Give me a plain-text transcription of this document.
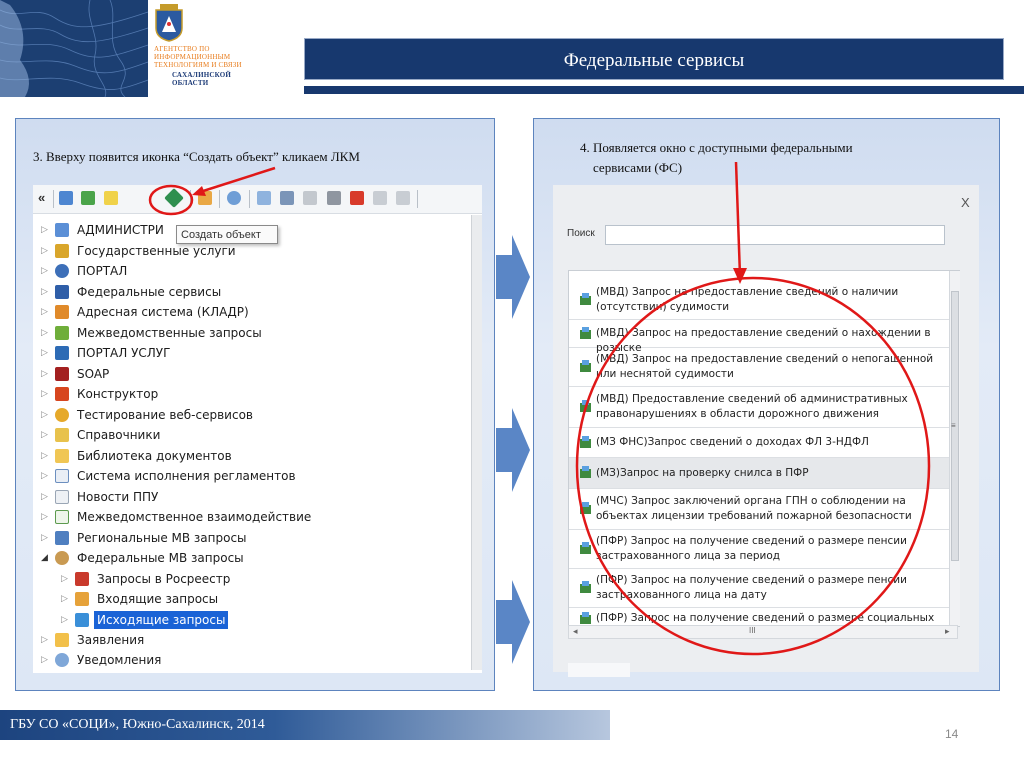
АГЕНТСТВО ПО
ИНФОРМАЦИОННЫМ
ТЕХНОЛОГИЯМ И СВЯЗИ
САХАЛИНСКОЙ
ОБЛАСТИ
Федеральные сервисы
3. Вверху появится иконка “Создать объект” кликаем ЛКМ
«
▷ АДМИНИСТРИ
▷ Государственные услуги
▷ ПОРТАЛ
▷ Федеральные сервисы
▷ Адресная система (КЛАДР)
▷ Межведомственные запросы
▷ ПОРТАЛ УСЛУГ
▷ SOAP
▷ Конструктор
▷ Тестирование веб-сервисов
▷ Справочники
▷ Библиотека документов
▷ Система исполнения регламентов
▷ Новости ППУ
▷ Межведомственное взаимодействие
▷ Региональные МВ запросы
◢ Федеральные МВ запросы
▷ Запросы в Росреестр
▷ Входящие запросы
▷ Исходящие запросы
▷ Заявления
▷ Уведомления
Создать объект
4. Появляется окно с доступными федеральными
сервисами (ФС)
X
Поиск
(МВД) Запрос на предоставление сведений о наличии (отсутствии) судимости
(МВД) Запрос на предоставление сведений о нахождении в розыске
(МВД) Запрос на предоставление сведений о непогашенной или неснятой судимости
(МВД) Предоставление сведений об административных правонарушениях в области дорожного движения
(МЗ ФНС)Запрос сведений о доходах ФЛ 3-НДФЛ
(МЗ)Запрос на проверку снилса в ПФР
(МЧС) Запрос заключений органа ГПН о соблюдении на объектах лицензии требований пожарной безопасности
(ПФР) Запрос на получение сведений о размере пенсии застрахованного лица за период
(ПФР) Запрос на получение сведений о размере пенсии застрахованного лица на дату
(ПФР) Запрос на получение сведений о размере социальных
≡
◂	III	▸
ГБУ СО «СОЦИ», Южно-Сахалинск, 2014
14
